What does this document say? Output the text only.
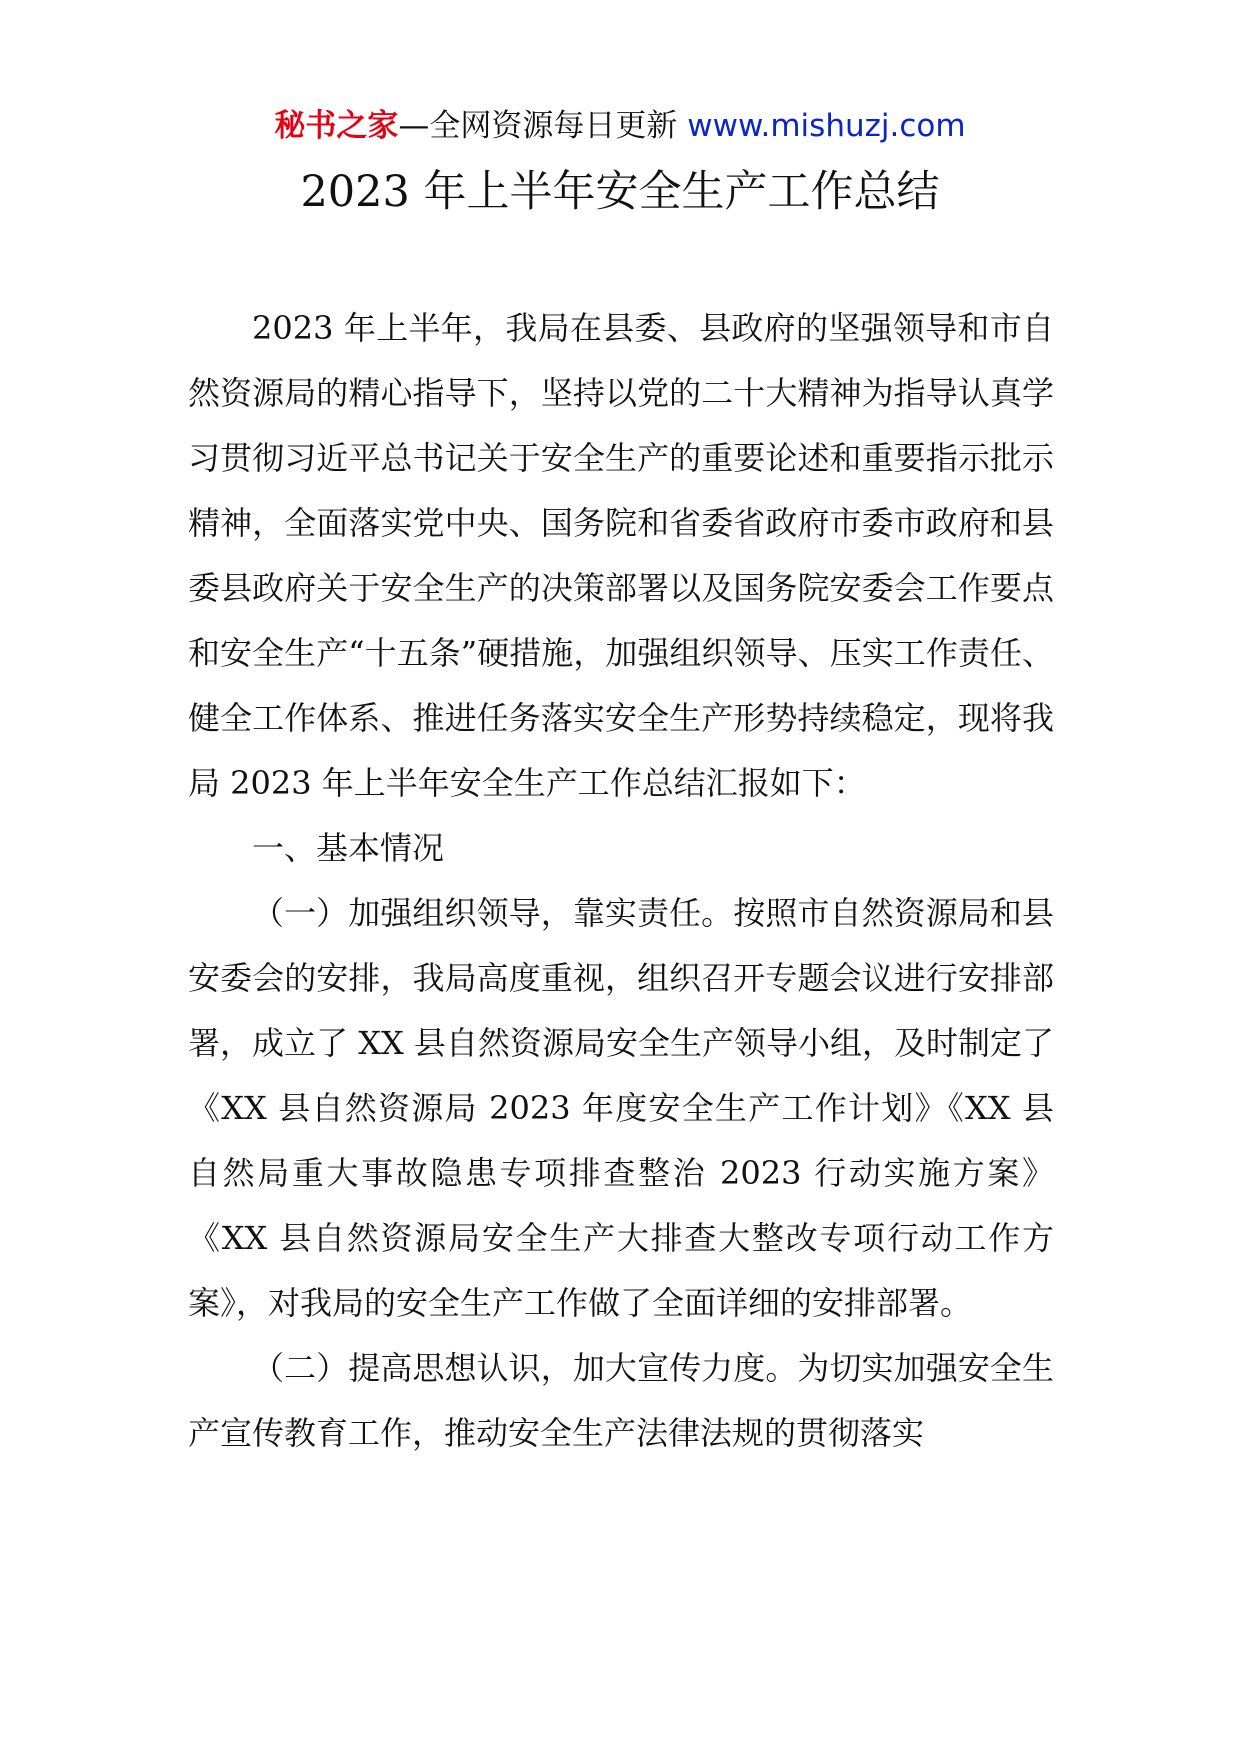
秘书之家—全网资源每日更新 www.mishuzj.com
2023 年上半年安全生产工作总结

2023 年上半年，我局在县委、县政府的坚强领导和市自然资源局的精心指导下，坚持以党的二十大精神为指导认真学习贯彻习近平总书记关于安全生产的重要论述和重要指示批示精神，全面落实党中央、国务院和省委省政府市委市政府和县委县政府关于安全生产的决策部署以及国务院安委会工作要点和安全生产“十五条”硬措施，加强组织领导、压实工作责任、健全工作体系、推进任务落实安全生产形势持续稳定，现将我局 2023 年上半年安全生产工作总结汇报如下：

一、基本情况

（一）加强组织领导，靠实责任。按照市自然资源局和县安委会的安排，我局高度重视，组织召开专题会议进行安排部署，成立了 XX 县自然资源局安全生产领导小组，及时制定了《XX 县自然资源局 2023 年度安全生产工作计划》《XX 县自然局重大事故隐患专项排查整治 2023 行动实施方案》《XX 县自然资源局安全生产大排查大整改专项行动工作方案》，对我局的安全生产工作做了全面详细的安排部署。

（二）提高思想认识，加大宣传力度。为切实加强安全生产宣传教育工作，推动安全生产法律法规的贯彻落实
